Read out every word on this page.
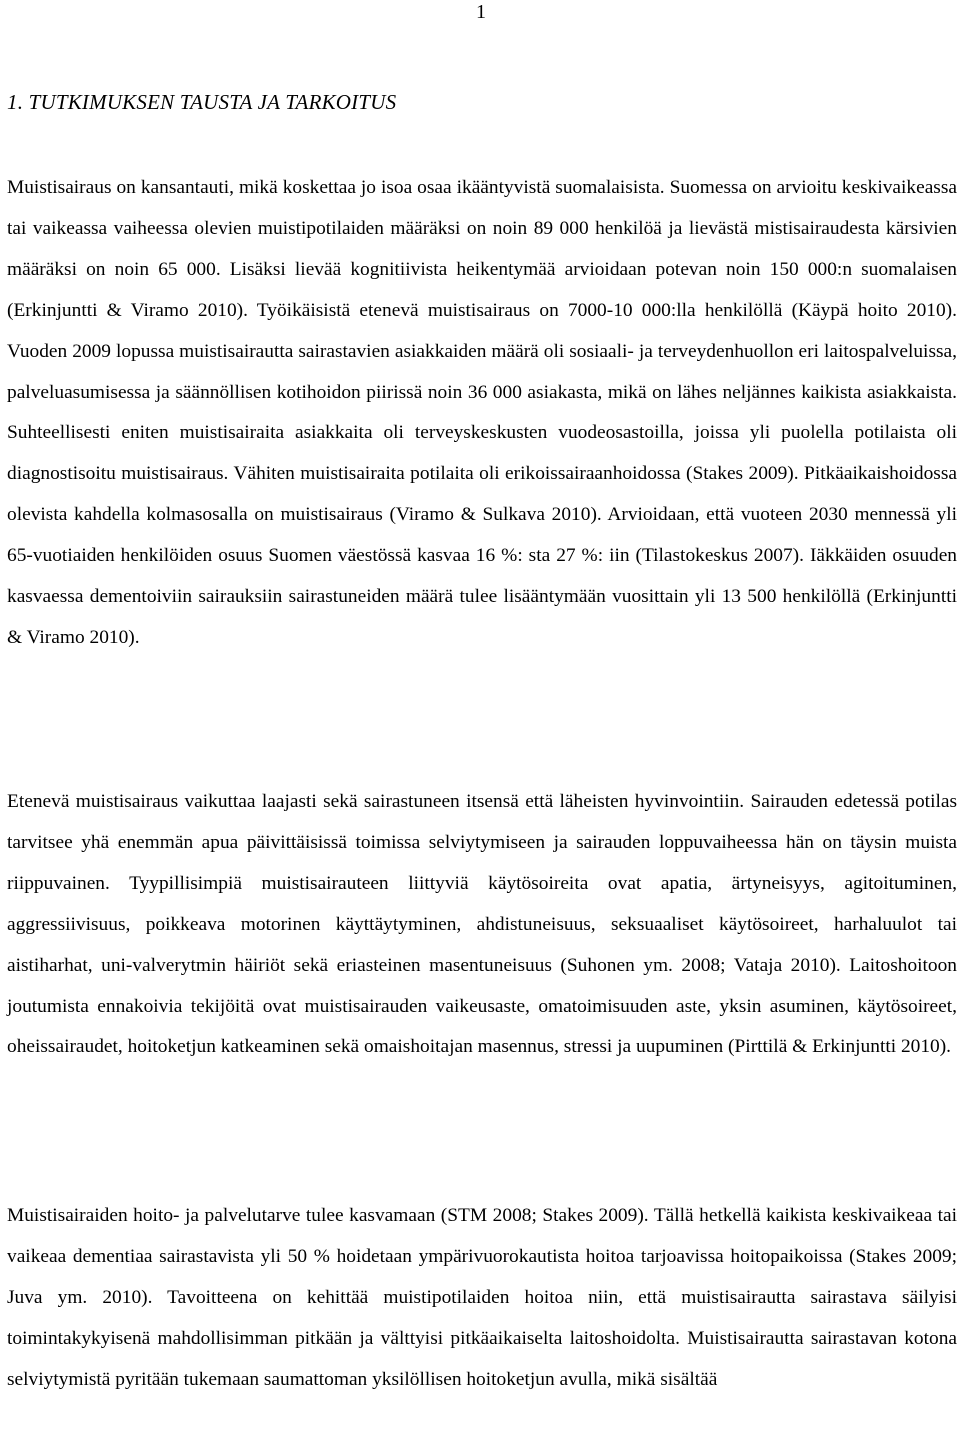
1
1. TUTKIMUKSEN TAUSTA JA TARKOITUS

Muistisairaus on kansantauti, mikä koskettaa jo isoa osaa ikääntyvistä suomalaisista. Suomessa on arvioitu keskivaikeassa tai vaikeassa vaiheessa olevien muistipotilaiden määräksi on noin 89 000 henkilöä ja lievästä mistisairaudesta kärsivien määräksi on noin 65 000. Lisäksi lievää kognitiivista heikentymää arvioidaan potevan noin 150 000:n suomalaisen (Erkinjuntti & Viramo 2010). Työikäisistä etenevä muistisairaus on 7000-10 000:lla henkilöllä (Käypä hoito 2010). Vuoden 2009 lopussa muistisairautta sairastavien asiakkaiden määrä oli sosiaali- ja terveydenhuollon eri laitospalveluissa, palveluasumisessa ja säännöllisen kotihoidon piirissä noin 36 000 asiakasta, mikä on lähes neljännes kaikista asiakkaista. Suhteellisesti eniten muistisairaita asiakkaita oli terveyskeskusten vuodeosastoilla, joissa yli puolella potilaista oli diagnostisoitu muistisairaus. Vähiten muistisairaita potilaita oli erikoissairaanhoidossa (Stakes 2009). Pitkäaikaishoidossa olevista kahdella kolmasosalla on muistisairaus (Viramo & Sulkava 2010). Arvioidaan, että vuoteen 2030 mennessä yli 65-vuotiaiden henkilöiden osuus Suomen väestössä kasvaa 16 %: sta 27 %: iin (Tilastokeskus 2007). Iäkkäiden osuuden kasvaessa dementoiviin sairauksiin sairastuneiden määrä tulee lisääntymään vuosittain yli 13 500 henkilöllä (Erkinjuntti & Viramo 2010).

Etenevä muistisairaus vaikuttaa laajasti sekä sairastuneen itsensä että läheisten hyvinvointiin. Sairauden edetessä potilas tarvitsee yhä enemmän apua päivittäisissä toimissa selviytymiseen ja sairauden loppuvaiheessa hän on täysin muista riippuvainen. Tyypillisimpiä muistisairauteen liittyviä käytösoireita ovat apatia, ärtyneisyys, agitoituminen, aggressiivisuus, poikkeava motorinen käyttäytyminen, ahdistuneisuus, seksuaaliset käytösoireet, harhaluulot tai aistiharhat, uni-valverytmin häiriöt sekä eriasteinen masentuneisuus (Suhonen ym. 2008; Vataja 2010). Laitoshoitoon joutumista ennakoivia tekijöitä ovat muistisairauden vaikeusaste, omatoimisuuden aste, yksin asuminen, käytösoireet, oheissairaudet, hoitoketjun katkeaminen sekä omaishoitajan masennus, stressi ja uupuminen (Pirttilä & Erkinjuntti 2010).

Muistisairaiden hoito- ja palvelutarve tulee kasvamaan (STM 2008; Stakes 2009). Tällä hetkellä kaikista keskivaikeaa tai vaikeaa dementiaa sairastavista yli 50 % hoidetaan ympärivuorokautista hoitoa tarjoavissa hoitopaikoissa (Stakes 2009; Juva ym. 2010). Tavoitteena on kehittää muistipotilaiden hoitoa niin, että muistisairautta sairastava säilyisi toimintakykyisenä mahdollisimman pitkään ja välttyisi pitkäaikaiselta laitoshoidolta. Muistisairautta sairastavan kotona selviytymistä pyritään tukemaan saumattoman yksilöllisen hoitoketjun avulla, mikä sisältää
